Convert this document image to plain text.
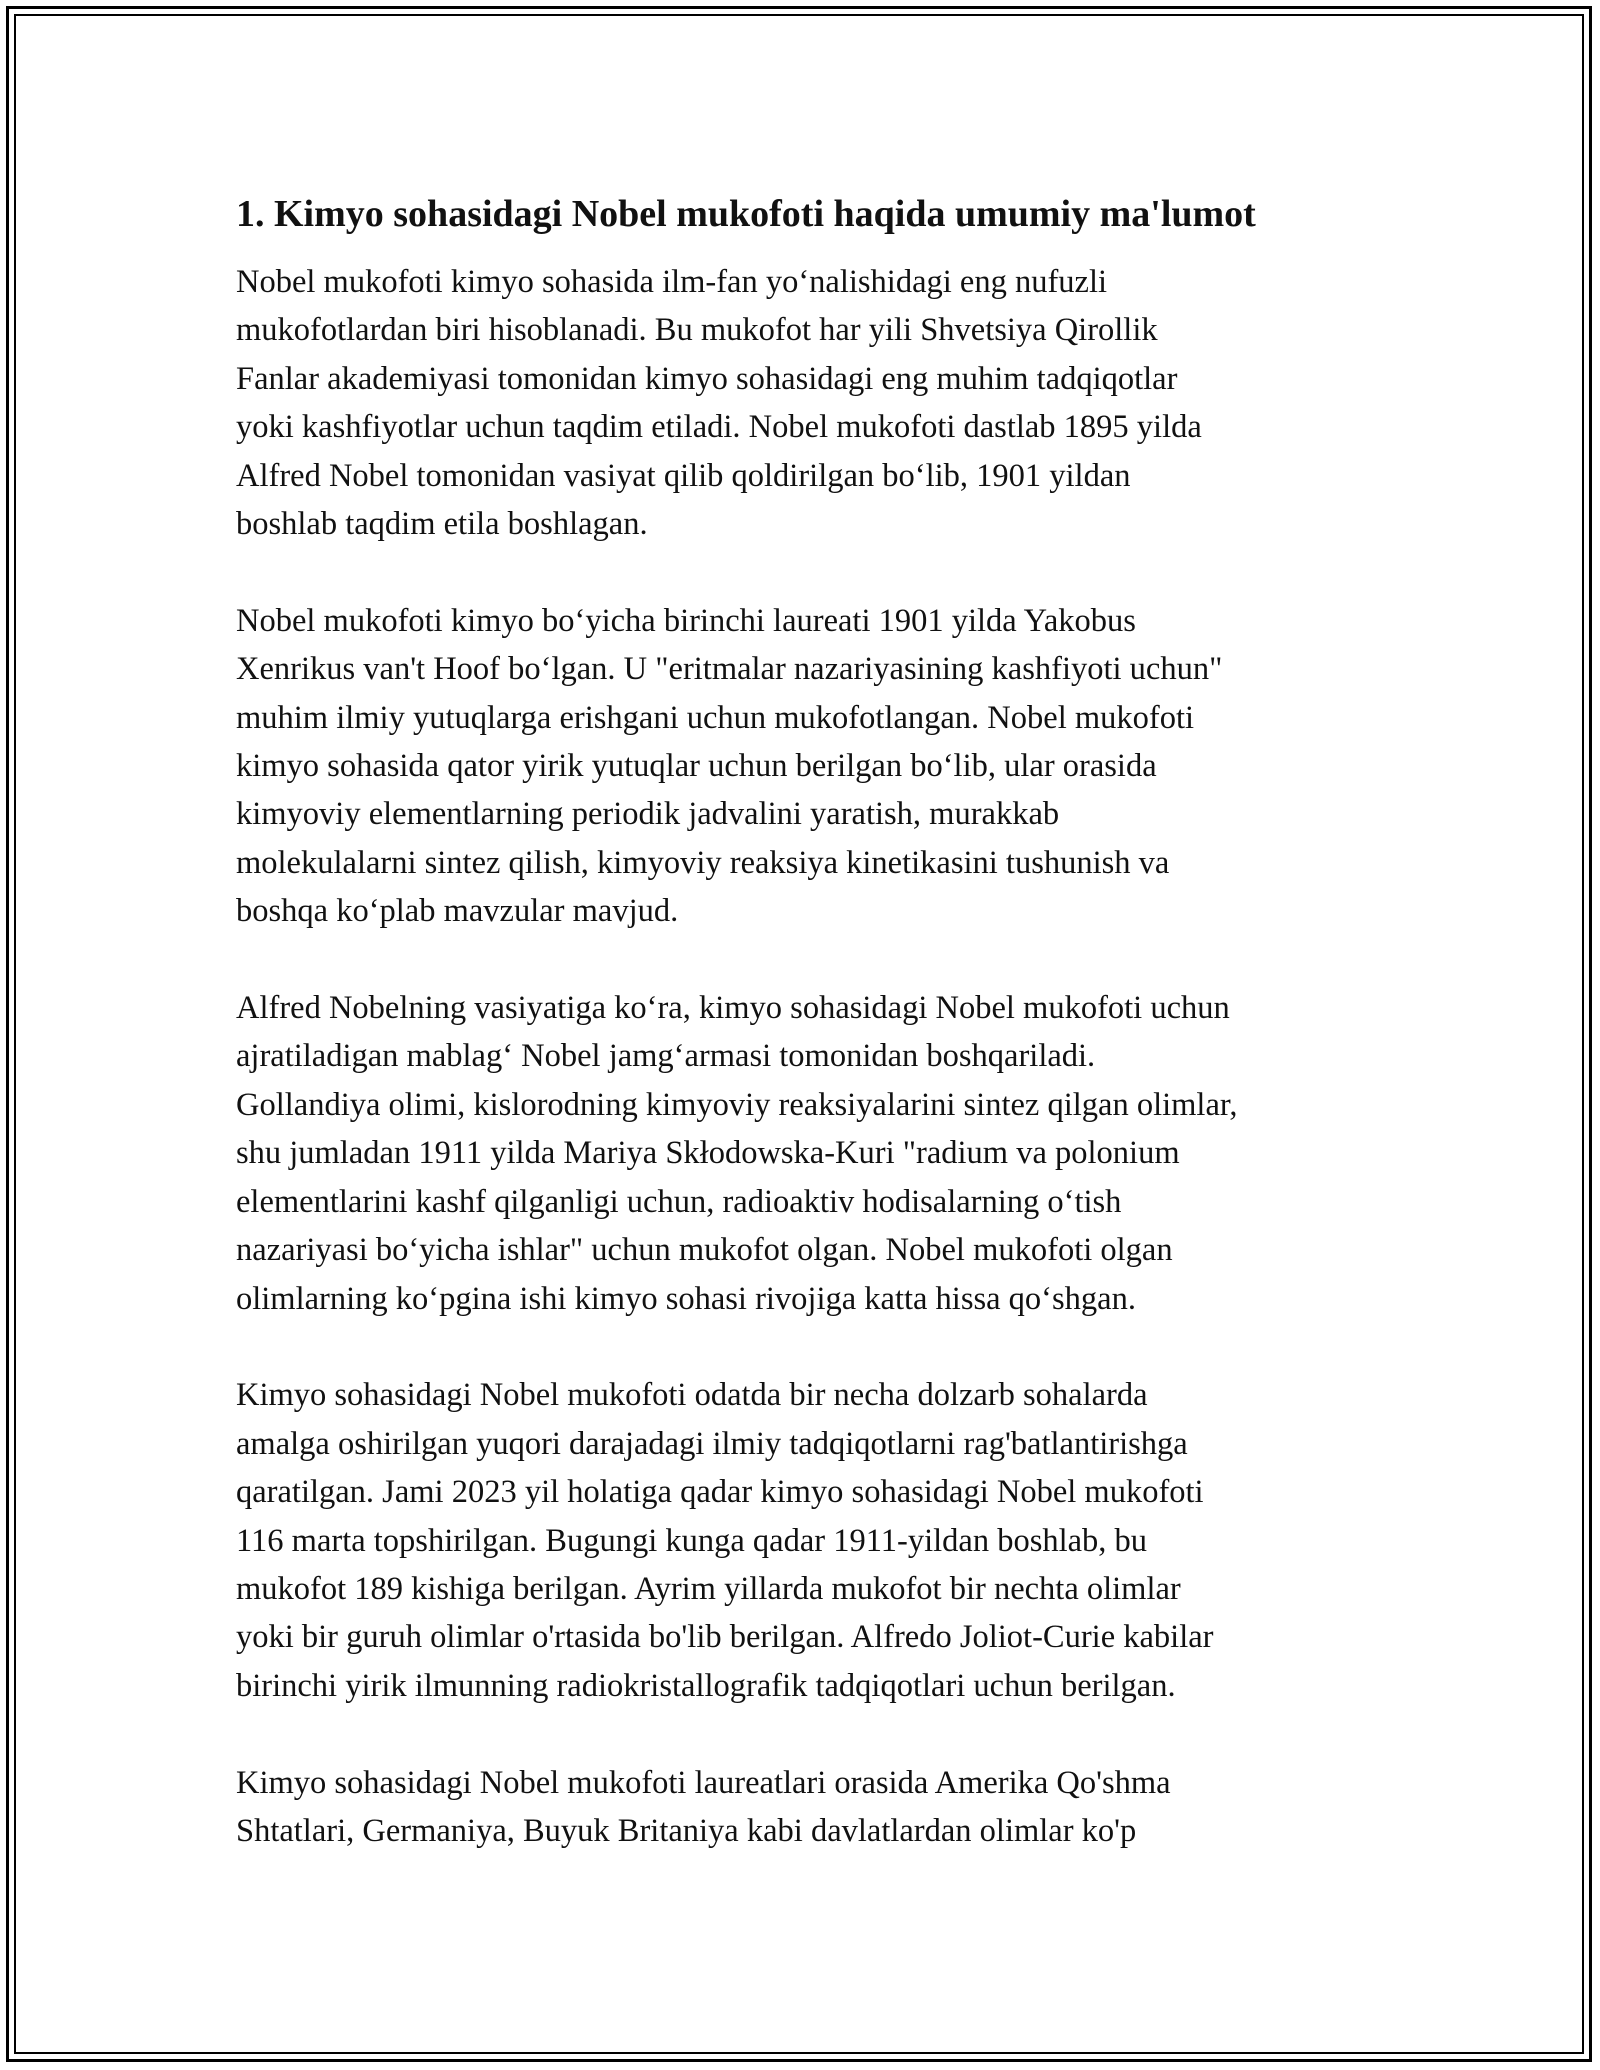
1. Kimyo sohasidagi Nobel mukofoti haqida umumiy ma'lumot

Nobel mukofoti kimyo sohasida ilm-fan yoʻnalishidagi eng nufuzli
mukofotlardan biri hisoblanadi. Bu mukofot har yili Shvetsiya Qirollik
Fanlar akademiyasi tomonidan kimyo sohasidagi eng muhim tadqiqotlar
yoki kashfiyotlar uchun taqdim etiladi. Nobel mukofoti dastlab 1895 yilda
Alfred Nobel tomonidan vasiyat qilib qoldirilgan boʻlib, 1901 yildan
boshlab taqdim etila boshlagan.

Nobel mukofoti kimyo boʻyicha birinchi laureati 1901 yilda Yakobus
Xenrikus van't Hoof boʻlgan. U "eritmalar nazariyasining kashfiyoti uchun"
muhim ilmiy yutuqlarga erishgani uchun mukofotlangan. Nobel mukofoti
kimyo sohasida qator yirik yutuqlar uchun berilgan boʻlib, ular orasida
kimyoviy elementlarning periodik jadvalini yaratish, murakkab
molekulalarni sintez qilish, kimyoviy reaksiya kinetikasini tushunish va
boshqa koʻplab mavzular mavjud.

Alfred Nobelning vasiyatiga koʻra, kimyo sohasidagi Nobel mukofoti uchun
ajratiladigan mablagʻ Nobel jamgʻarmasi tomonidan boshqariladi.
Gollandiya olimi, kislorodning kimyoviy reaksiyalarini sintez qilgan olimlar,
shu jumladan 1911 yilda Mariya Skłodowska-Kuri "radium va polonium
elementlarini kashf qilganligi uchun, radioaktiv hodisalarning oʻtish
nazariyasi boʻyicha ishlar" uchun mukofot olgan. Nobel mukofoti olgan
olimlarning koʻpgina ishi kimyo sohasi rivojiga katta hissa qoʻshgan.

Kimyo sohasidagi Nobel mukofoti odatda bir necha dolzarb sohalarda
amalga oshirilgan yuqori darajadagi ilmiy tadqiqotlarni rag'batlantirishga
qaratilgan. Jami 2023 yil holatiga qadar kimyo sohasidagi Nobel mukofoti
116 marta topshirilgan. Bugungi kunga qadar 1911-yildan boshlab, bu
mukofot 189 kishiga berilgan. Ayrim yillarda mukofot bir nechta olimlar
yoki bir guruh olimlar o'rtasida bo'lib berilgan. Alfredo Joliot-Curie kabilar
birinchi yirik ilmunning radiokristallografik tadqiqotlari uchun berilgan.

Kimyo sohasidagi Nobel mukofoti laureatlari orasida Amerika Qo'shma
Shtatlari, Germaniya, Buyuk Britaniya kabi davlatlardan olimlar ko'p
